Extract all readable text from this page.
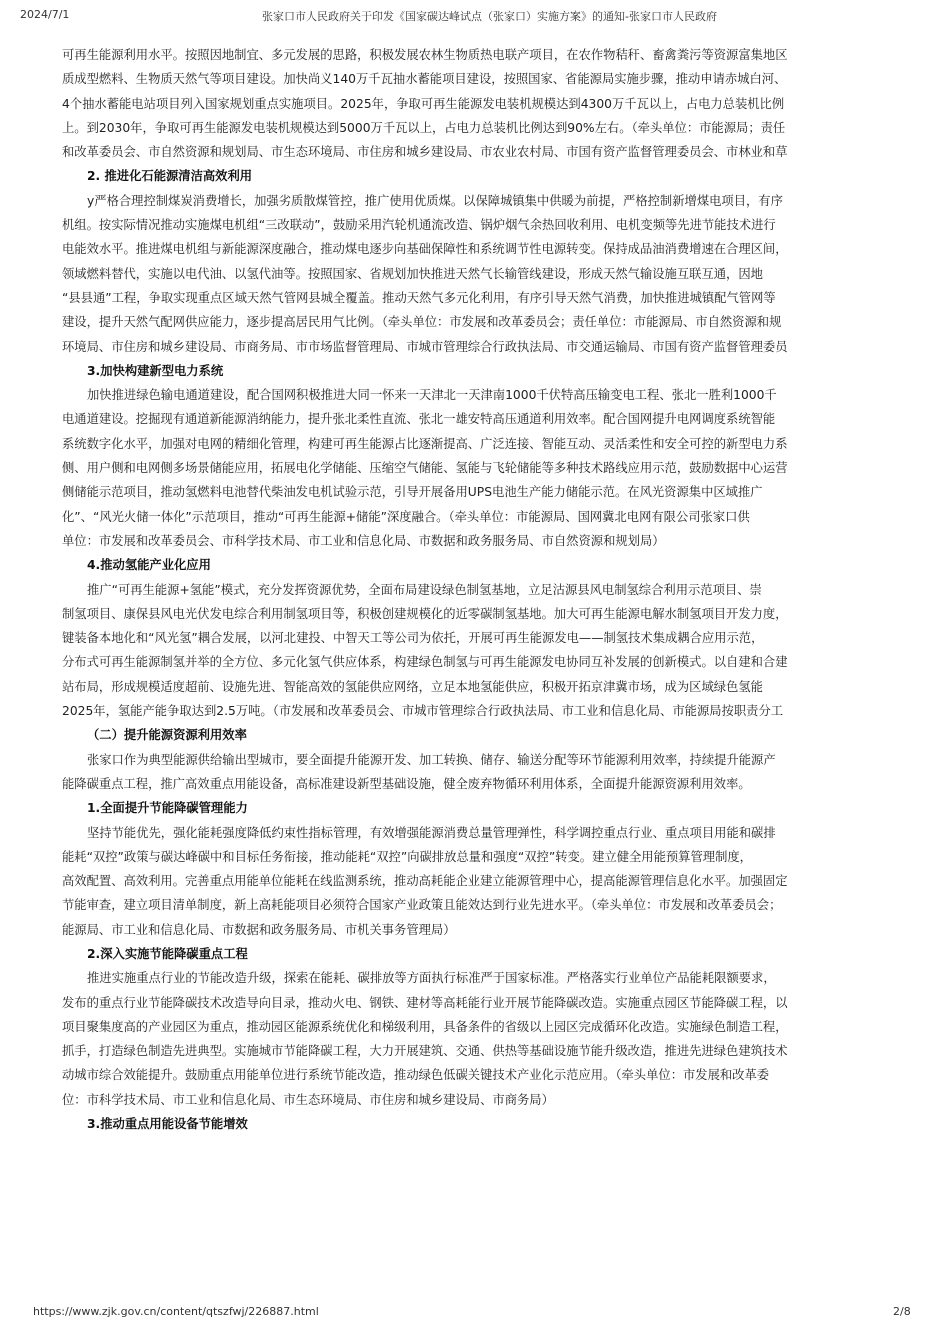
2024/7/1	张家口市人民政府关于印发《国家碳达峰试点（张家口）实施方案》的通知-张家口市人民政府
可再生能源利用水平。按照因地制宜、多元发展的思路，积极发展农林生物质热电联产项目，在农作物秸秆、畜禽粪污等资源富集地区
质成型燃料、生物质天然气等项目建设。加快尚义140万千瓦抽水蓄能项目建设，按照国家、省能源局实施步骤，推动申请赤城白河、
4个抽水蓄能电站项目列入国家规划重点实施项目。2025年，争取可再生能源发电装机规模达到4300万千瓦以上，占电力总装机比例
上。到2030年，争取可再生能源发电装机规模达到5000万千瓦以上，占电力总装机比例达到90%左右。（牵头单位：市能源局；责任
和改革委员会、市自然资源和规划局、市生态环境局、市住房和城乡建设局、市农业农村局、市国有资产监督管理委员会、市林业和草
2. 推进化石能源清洁高效利用
y严格合理控制煤炭消费增长，加强劣质散煤管控，推广使用优质煤。以保障城镇集中供暖为前提，严格控制新增煤电项目，有序
机组。按实际情况推动实施煤电机组“三改联动”，鼓励采用汽轮机通流改造、锅炉烟气余热回收利用、电机变频等先进节能技术进行
电能效水平。推进煤电机组与新能源深度融合，推动煤电逐步向基础保障性和系统调节性电源转变。保持成品油消费增速在合理区间，
领域燃料替代，实施以电代油、以氢代油等。按照国家、省规划加快推进天然气长输管线建设，形成天然气输设施互联互通，因地
“县县通”工程，争取实现重点区域天然气管网县城全覆盖。推动天然气多元化利用，有序引导天然气消费，加快推进城镇配气管网等
建设，提升天然气配网供应能力，逐步提高居民用气比例。（牵头单位：市发展和改革委员会；责任单位：市能源局、市自然资源和规
环境局、市住房和城乡建设局、市商务局、市市场监督管理局、市城市管理综合行政执法局、市交通运输局、市国有资产监督管理委员
3.加快构建新型电力系统
加快推进绿色输电通道建设，配合国网积极推进大同一怀来一天津北一天津南1000千伏特高压输变电工程、张北一胜利1000千
电通道建设。挖掘现有通道新能源消纳能力，提升张北柔性直流、张北一雄安特高压通道利用效率。配合国网提升电网调度系统智能
系统数字化水平，加强对电网的精细化管理，构建可再生能源占比逐渐提高、广泛连接、智能互动、灵活柔性和安全可控的新型电力系
侧、用户侧和电网侧多场景储能应用，拓展电化学储能、压缩空气储能、氢能与飞轮储能等多种技术路线应用示范，鼓励数据中心运营
侧储能示范项目，推动氢燃料电池替代柴油发电机试验示范，引导开展备用UPS电池生产能力储能示范。在风光资源集中区域推广
化”、“风光火储一体化”示范项目，推动“可再生能源+储能”深度融合。（牵头单位：市能源局、国网冀北电网有限公司张家口供
单位：市发展和改革委员会、市科学技术局、市工业和信息化局、市数据和政务服务局、市自然资源和规划局）
4.推动氢能产业化应用
推广“可再生能源+氢能”模式，充分发挥资源优势，全面布局建设绿色制氢基地，立足沽源县风电制氢综合利用示范项目、崇
制氢项目、康保县风电光伏发电综合利用制氢项目等，积极创建规模化的近零碳制氢基地。加大可再生能源电解水制氢项目开发力度，
键装备本地化和“风光氢”耦合发展，以河北建投、中智天工等公司为依托，开展可再生能源发电——制氢技术集成耦合应用示范，
分布式可再生能源制氢并举的全方位、多元化氢气供应体系，构建绿色制氢与可再生能源发电协同互补发展的创新模式。以自建和合建
站布局，形成规模适度超前、设施先进、智能高效的氢能供应网络，立足本地氢能供应，积极开拓京津冀市场，成为区域绿色氢能
2025年，氢能产能争取达到2.5万吨。（市发展和改革委员会、市城市管理综合行政执法局、市工业和信息化局、市能源局按职责分工
（二）提升能源资源利用效率
张家口作为典型能源供给输出型城市，要全面提升能源开发、加工转换、储存、输送分配等环节能源利用效率，持续提升能源产
能降碳重点工程，推广高效重点用能设备，高标准建设新型基础设施，健全废弃物循环利用体系，全面提升能源资源利用效率。
1.全面提升节能降碳管理能力
坚持节能优先，强化能耗强度降低约束性指标管理，有效增强能源消费总量管理弹性，科学调控重点行业、重点项目用能和碳排
能耗“双控”政策与碳达峰碳中和目标任务衔接，推动能耗“双控”向碳排放总量和强度“双控”转变。建立健全用能预算管理制度，
高效配置、高效利用。完善重点用能单位能耗在线监测系统，推动高耗能企业建立能源管理中心，提高能源管理信息化水平。加强固定
节能审查，建立项目清单制度，新上高耗能项目必须符合国家产业政策且能效达到行业先进水平。（牵头单位：市发展和改革委员会；
能源局、市工业和信息化局、市数据和政务服务局、市机关事务管理局）
2.深入实施节能降碳重点工程
推进实施重点行业的节能改造升级，探索在能耗、碳排放等方面执行标准严于国家标准。严格落实行业单位产品能耗限额要求，
发布的重点行业节能降碳技术改造导向目录，推动火电、钢铁、建材等高耗能行业开展节能降碳改造。实施重点园区节能降碳工程，以
项目聚集度高的产业园区为重点，推动园区能源系统优化和梯级利用，具备条件的省级以上园区完成循环化改造。实施绿色制造工程，
抓手，打造绿色制造先进典型。实施城市节能降碳工程，大力开展建筑、交通、供热等基础设施节能升级改造，推进先进绿色建筑技术
动城市综合效能提升。鼓励重点用能单位进行系统节能改造，推动绿色低碳关键技术产业化示范应用。（牵头单位：市发展和改革委
位：市科学技术局、市工业和信息化局、市生态环境局、市住房和城乡建设局、市商务局）
3.推动重点用能设备节能增效
https://www.zjk.gov.cn/content/qtszfwj/226887.html	2/8
